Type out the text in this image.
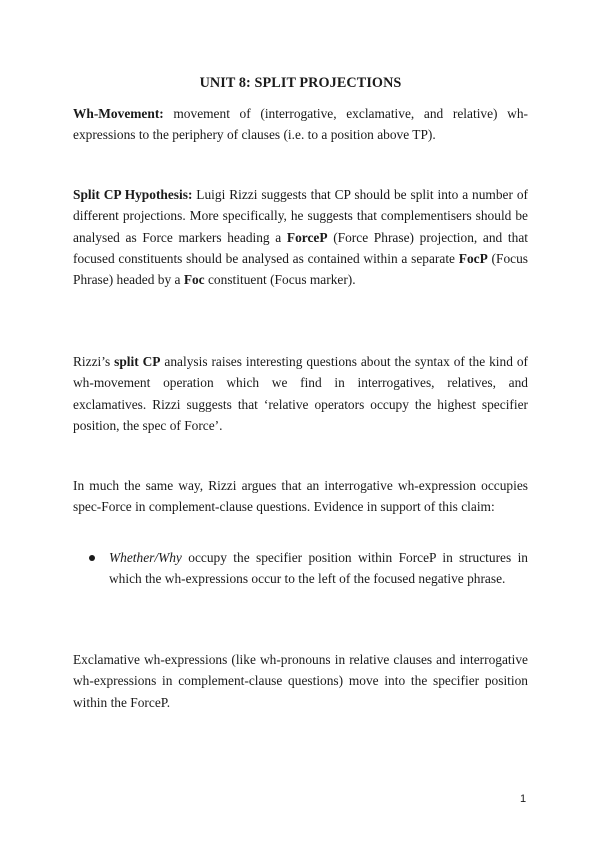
UNIT 8: SPLIT PROJECTIONS

Wh-Movement: movement of (interrogative, exclamative, and relative) wh-expressions to the periphery of clauses (i.e. to a position above TP).

Split CP Hypothesis: Luigi Rizzi suggests that CP should be split into a number of different projections. More specifically, he suggests that complementisers should be analysed as Force markers heading a ForceP (Force Phrase) projection, and that focused constituents should be analysed as contained within a separate FocP (Focus Phrase) headed by a Foc constituent (Focus marker).

Rizzi’s split CP analysis raises interesting questions about the syntax of the kind of wh-movement operation which we find in interrogatives, relatives, and exclamatives. Rizzi suggests that ‘relative operators occupy the highest specifier position, the spec of Force’.

In much the same way, Rizzi argues that an interrogative wh-expression occupies spec-Force in complement-clause questions. Evidence in support of this claim:

Whether/Why occupy the specifier position within ForceP in structures in which the wh-expressions occur to the left of the focused negative phrase.

Exclamative wh-expressions (like wh-pronouns in relative clauses and interrogative wh-expressions in complement-clause questions) move into the specifier position within the ForceP.

1
